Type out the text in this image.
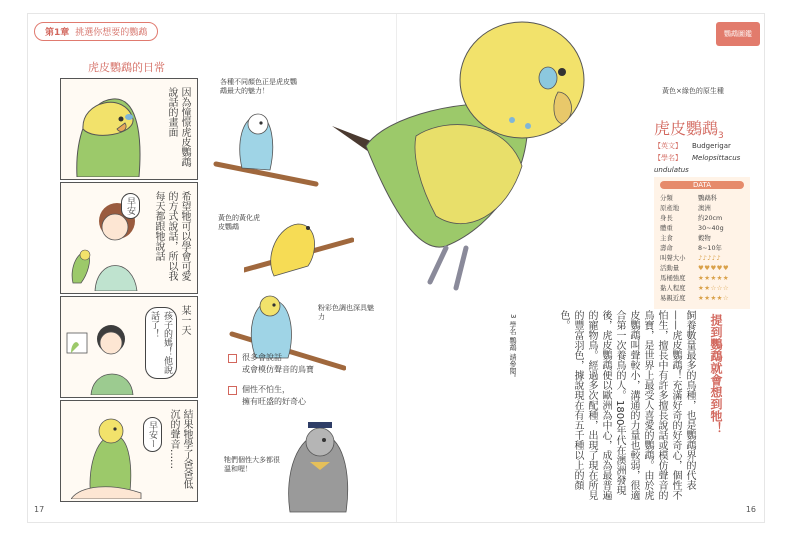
第1章 挑選你想要的鸚鵡
虎皮鸚鵡的日常
因為憧憬虎皮鸚鵡說話的畫面
早安	希望牠可以學會可愛的方式說話，所以我每天都跟牠說話
孩子的媽！他說話了！	某一天
早安ー	結果牠學了爸爸低沉的聲音……
各種不同顏色正是虎皮鸚鵡最大的魅力！
黃色的黃化虎皮鸚鵡
粉彩色調也深具魅力
很多會說話
或會模仿聲音的鳥寶
個性不怕生，
擁有旺盛的好奇心
牠們個性大多都很溫和喔！
17
鸚鵡圖鑑
黃色×綠色的原生種
虎皮鸚鵡$_3$
【英文】 Budgerigar
【學名】 Melopsittacus undulatus
DATA
分類	鸚鵡科
原產地	澳洲
身長	約20cm
體重	30~40g
主食	穀物
壽命	8~10年
叫聲大小	♪♪♪♪♪
活動量	♥♥♥♥♥
馬桶強度	★★★★★
黏人程度	★★☆☆☆
易親近度	★★★★☆
提到鸚鵡就會想到牠！
飼養數量最多的鳥種，也是鸚鵡界的代表——虎皮鸚鵡！充滿好奇的好奇心，個性不怕生，擅長中有許多擅長說話或模仿聲音的鳥寶，是世界上最受人喜愛的鸚鵡。由於虎皮鸚鵡叫聲較小，溝通的力量也較弱，很適合第一次養鳥的人。1800年代在澳洲發現後，虎皮鸚鵡便以歐洲為中心，成為最普遍的寵物鳥。經過多次配種，出現了現在所見的豐富羽色，據說現在有五千種以上的顏色。
3 學名 鸚鵡 請參閱。
16
